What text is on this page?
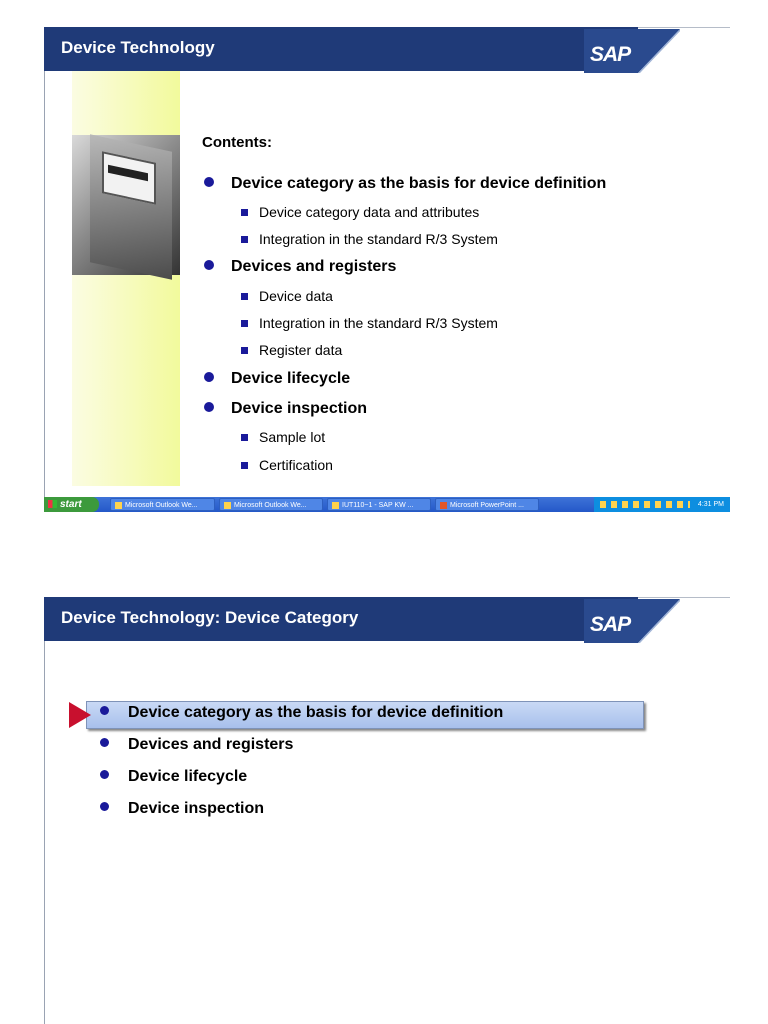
Device Technology	SAP
Contents:
Device category as the basis for device definition
Device category data and attributes
Integration in the standard R/3 System
Devices and registers
Device data
Integration in the standard R/3 System
Register data
Device lifecycle
Device inspection
Sample lot
Certification
start	Microsoft Outlook We...	Microsoft Outlook We...	IUT110~1 - SAP KW ...	Microsoft PowerPoint ...	4:31 PM
Device Technology: Device Category	SAP
Device category as the basis for device definition
Devices and registers
Device lifecycle
Device inspection
